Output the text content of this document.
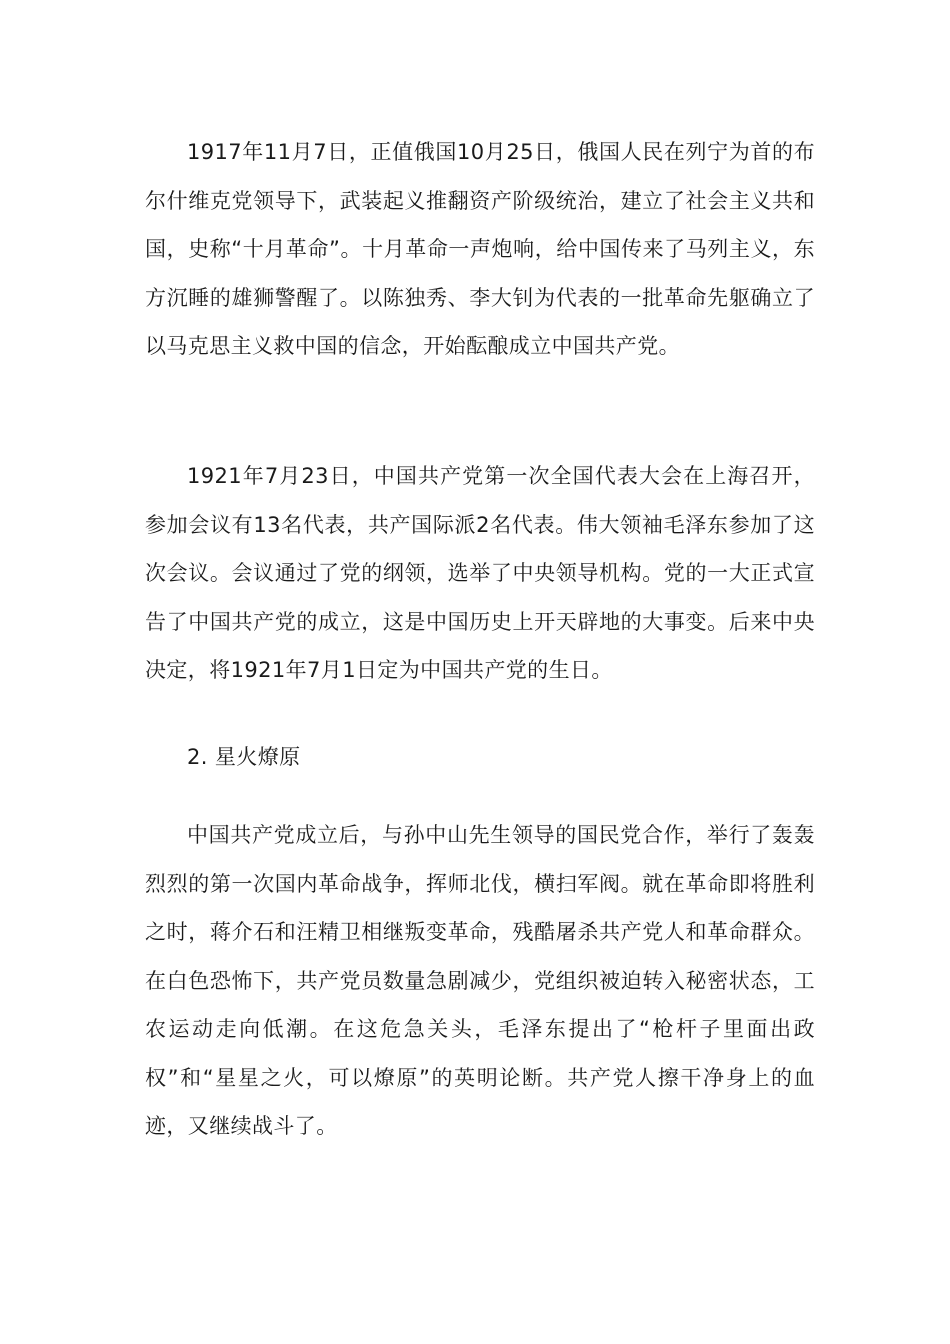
1917年11月7日，正值俄国10月25日，俄国人民在列宁为首的布尔什维克党领导下，武装起义推翻资产阶级统治，建立了社会主义共和国，史称“十月革命”。十月革命一声炮响，给中国传来了马列主义，东方沉睡的雄狮警醒了。以陈独秀、李大钊为代表的一批革命先躯确立了以马克思主义救中国的信念，开始酝酿成立中国共产党。

1921年7月23日，中国共产党第一次全国代表大会在上海召开，参加会议有13名代表，共产国际派2名代表。伟大领袖毛泽东参加了这次会议。会议通过了党的纲领，选举了中央领导机构。党的一大正式宣告了中国共产党的成立，这是中国历史上开天辟地的大事变。后来中央决定，将1921年7月1日定为中国共产党的生日。

2. 星火燎原

中国共产党成立后，与孙中山先生领导的国民党合作，举行了轰轰烈烈的第一次国内革命战争，挥师北伐，横扫军阀。就在革命即将胜利之时，蒋介石和汪精卫相继叛变革命，残酷屠杀共产党人和革命群众。在白色恐怖下，共产党员数量急剧减少，党组织被迫转入秘密状态，工农运动走向低潮。在这危急关头，毛泽东提出了“枪杆子里面出政权”和“星星之火，可以燎原”的英明论断。共产党人擦干净身上的血迹，又继续战斗了。
